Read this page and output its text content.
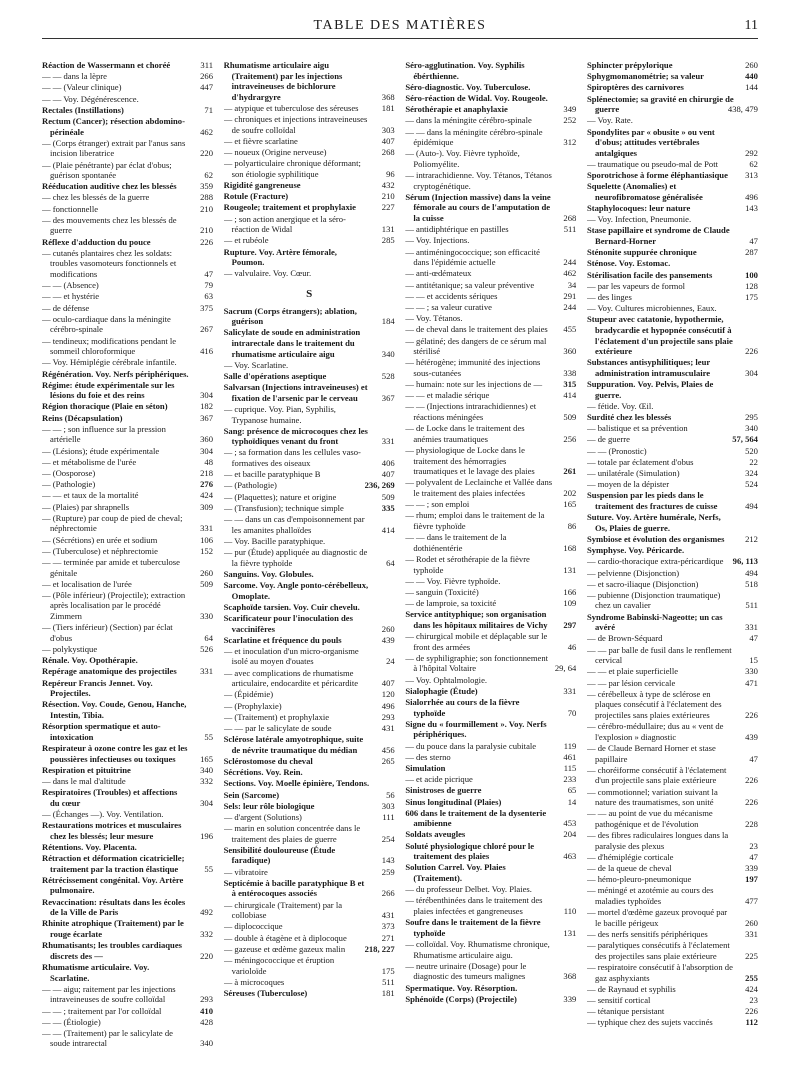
TABLE DES MATIÈRES	11
Réaction de Wassermann et choréé	311
— — dans la lèpre	266
— — (Valeur clinique)	447
— — Voy. Dégénérescence.
Rectales (Instillations)	71
Rectum (Cancer); résection abdomino-périnéale	462
— (Corps étranger) extrait par l'anus sans incision liberatrice	220
— (Plaie pénétrante) par éclat d'obus; guérison spontanée	62
Rééducation auditive chez les blessés	359
— chez les blessés de la guerre	288
— fonctionnelle	210
— des mouvements chez les blessés de guerre	210
Réflexe d'adduction du pouce	226
— cutanés plantaires chez les soldats: troubles vasomoteurs fonctionnels et modifications	47
— — (Absence)	79
— — et hystérie	63
— de défense	375
— oculo-cardiaque dans la méningite cérébro-spinale	267
— tendineux; modifications pendant le sommeil chloroformique	416
— Voy. Hémiplégie cérébrale infantile.
Régénération. Voy. Nerfs périphériques.
Régime: étude expérimentale sur les lésions du foie et des reins	304
Région thoracique (Plaie en séton)	182
Reins (Décapsulation)	367
— — ; son influence sur la pression artérielle	360
— (Lésions); étude expérimentale	304
— et métabolisme de l'urée	48
— (Oosporose)	218
— (Pathologie)	276
— — et taux de la mortalité	424
— (Plaies) par shrapnells	309
— (Rupture) par coup de pied de cheval; néphrectomie	331
— (Sécrétions) en urée et sodium	106
— (Tuberculose) et néphrectomie	152
— — terminée par amide et tuberculose génitale	260
— et localisation de l'urée	509
— (Pôle inférieur) (Projectile); extraction après localisation par le procédé Zimmern	330
— (Tiers inférieur) (Section) par éclat d'obus	64
— polykystique	526
Rénale. Voy. Opothérapie.
Repérage anatomique des projectiles	331
Repéreur Francis Jennet. Voy. Projectiles.
Résection. Voy. Coude, Genou, Hanche, Intestin, Tibia.
Résorption spermatique et auto-intoxication	55
Respirateur à ozone contre les gaz et les poussières infectieuses ou toxiques	165
Respiration et pituitrine	340
— dans le mal d'altitude	332
Respiratoires (Troubles) et affections du cœur	304
— (Échanges —). Voy. Ventilation.
Restaurations motrices et musculaires chez les blessés; leur mesure	196
Rétentions. Voy. Placenta.
Rétraction et déformation cicatricielle; traitement par la traction élastique	55
Rétrécissement congénital. Voy. Artère pulmonaire.
Revaccination: résultats dans les écoles de la Ville de Paris	492
Rhinite atrophique (Traitement) par le rouge écarlate	332
Rhumatisants; les troubles cardiaques discrets des —	220
Rhumatisme articulaire. Voy. Scarlatine.
— — aigu; raitement par les injections intraveineuses de soufre colloïdal	293
— — ; traitement par l'or colloïdal	410
— — (Étiologie)	428
— — (Traitement) par le salicylate de soude intrarectal	340
Rhumatisme articulaire aigu (Traitement) par les injections intraveineuses de bichlorure d'hydrargyre	368
— atypique et tuberculose des séreuses	181
— chroniques et injections intraveineuses de soufre colloïdal	303
— et fièvre scarlatine	407
— noueux (Origine nerveuse)	268
— polyarticulaire chronique déformant; son étiologie syphilitique	96
Rigidité gangreneuse	432
Rotule (Fracture)	210
Rougeole; traitement et prophylaxie	227
— ; son action anergique et la séro-réaction de Widal	131
— et rubéole	285
Rupture. Voy. Artère fémorale, Poumon.
— valvulaire. Voy. Cœur.
S
Sacrum (Corps étrangers); ablation, guérison	184
Salicylate de soude en administration intrarectale dans le traitement du rhumatisme articulaire aigu	340
— Voy. Scarlatine.
Salle d'opérations aseptique	528
Salvarsan (Injections intraveineuses) et fixation de l'arsenic par le cerveau	367
— cuprique. Voy. Pian, Syphilis, Trypanose humaine.
Sang: présence de microcoques chez les typhoïdiques venant du front	331
— ; sa formation dans les cellules vaso-formatives des oiseaux	406
— et bacille paratyphique B	407
— (Pathologie)	236, 269
— (Plaquettes); nature et origine	509
— (Transfusion); technique simple	335
— — dans un cas d'empoisonnement par les amanites phalloïdes	414
— Voy. Bacille paratyphique.
— pur (Étude) appliquée au diagnostic de la fièvre typhoïde	64
Sanguins. Voy. Globules.
Sarcome. Voy. Angle ponto-cérébelleux, Omoplate.
Scaphoïde tarsien. Voy. Cuir chevelu.
Scarificateur pour l'inoculation des vaccinifères	260
Scarlatine et fréquence du pouls	439
— et inoculation d'un micro-organisme isolé au moyen d'ouates	24
— avec complications de rhumatisme articulaire, endocardite et péricardite	407
— (Épidémie)	120
— (Prophylaxie)	496
— (Traitement) et prophylaxie	293
— — par le salicylate de soude	431
Sclérose latérale amyotrophique, suite de névrite traumatique du médian	456
Sclérostomose du cheval	265
Sécrétions. Voy. Rein.
Sections. Voy. Moelle épinière, Tendons.
Sein (Sarcome)	56
Sels: leur rôle biologique	303
— d'argent (Solutions)	111
— marin en solution concentrée dans le traitement des plaies de guerre	254
Sensibilité douloureuse (Étude faradique)	143
— vibratoire	259
Septicémie à bacille paratyphique B et à entérocoques associés	266
— chirurgicale (Traitement) par la collobiase	431
— diplococcique	373
— double à étagène et à diplocoque	271
— gazeuse et œdème gazeux malin 218, 227
— méningococcique et éruption varioloïde	175
— à microcoques	511
Séreuses (Tuberculose)	181
Séro-agglutination. Voy. Syphilis ébérthienne.
Séro-diagnostic. Voy. Tuberculose.
Séro-réaction de Widal. Voy. Rougeole.
Sérothérapie et anaphylaxie	349
— dans la méningite cérébro-spinale	252
— — dans la méningite cérébro-spinale épidémique	312
— (Auto-). Voy. Fièvre typhoïde, Poliomyélite.
— intrarachidienne. Voy. Tétanos, Tétanos cryptogénétique.
Sérum (Injection massive) dans la veine fémorale au cours de l'amputation de la cuisse	268
— antidiphtérique en pastilles	511
— Voy. Injections.
— antiméningococcique; son efficacité dans l'épidémie actuelle	244
— anti-œdémateux	462
— antitétanique; sa valeur préventive	34
— — et accidents sériques	291
— — ; sa valeur curative	244
— Voy. Tétanos.
— de cheval dans le traitement des plaies 455
— gélatiné; des dangers de ce sérum mal stérilisé	360
— hétérogène; immunité des injections sous-cutanées	338
— humain: note sur les injections de — 315
— — et maladie sérique	414
— — (Injections intrarachidiennes) et réactions méningées	509
— de Locke dans le traitement des anémies traumatiques	256
— physiologique de Locke dans le traitement des hémorragies traumatiques et le lavage des plaies	261
— polyvalent de Leclainche et Vallée dans le traitement des plaies infectées	202
— — ; son emploi	165
— rhum; emploi dans le traitement de la fièvre typhoïde	86
— — dans le traitement de la dothiénentérie	168
— Rodet et sérothérapie de la fièvre typhoïde	131
— — Voy. Fièvre typhoïde.
— sanguin (Toxicité)	166
— de lamproie, sa toxicité	109
Service antityphique; son organisation dans les hôpitaux militaires de Vichy 297
— chirurgical mobile et déplaçable sur le front des armées	46
— de syphiligraphie; son fonctionnement à l'hôpital Voltaire	29, 64
— Voy. Ophtalmologie.
Sialophagie (Étude)	331
Sialorrhée au cours de la fièvre typhoïde	70
Signe du « fourmillement ». Voy. Nerfs périphériques.
— du pouce dans la paralysie cubitale	119
— des sterno	461
Simulation	115
— et acide picrique	233
Sinistroses de guerre	65
Sinus longitudinal (Plaies)	14
606 dans le traitement de la dysenterie amibienne	453
Soldats aveugles	204
Soluté physiologique chloré pour le traitement des plaies	463
Solution Carrel. Voy. Plaies (Traitement).
— du professeur Delbet. Voy. Plaies.
— térébenthinées dans le traitement des plaies infectées et gangreneuses	110
Soufre dans le traitement de la fièvre typhoïde	131
— colloïdal. Voy. Rhumatisme chronique, Rhumatisme articulaire aigu.
— neutre urinaire (Dosage) pour le diagnostic des tumeurs malignes	368
Spermatique. Voy. Résorption.
Sphénoïde (Corps) (Projectile)	339
Sphincter prépylorique	260
Sphygmomanométrie; sa valeur	440
Spiroptères des carnivores	144
Splénectomie; sa gravité en chirurgie de guerre	438, 479
— Voy. Rate.
Spondylites par « obusite » ou vent d'obus; attitudes vertébrales antalgiques	292
— traumatique ou pseudo-mal de Pott	62
Sporotrichose à forme éléphantiasique 313
Squelette (Anomalies) et neurofibromatose généralisée	496
Staphylocoques: leur nature	143
— Voy. Infection, Pneumonie.
Stase papillaire et syndrome de Claude Bernard-Horner	47
Sténonite suppurée chronique	287
Sténose. Voy. Estomac.
Stérilisation facile des pansements	100
— par les vapeurs de formol	128
— des linges	175
— Voy. Cultures microbiennes, Eaux.
Stupeur avec catatonie, hypothermie, bradycardie et hypopnée consécutif à l'éclatement d'un projectile sans plaie extérieure	226
Substances antisyphilitiques; leur administration intramusculaire	304
Suppuration. Voy. Pelvis, Plaies de guerre.
— fétide. Voy. Œil.
Surdité chez les blessés	295
— balistique et sa prévention	340
— de guerre	57, 564
— — (Pronostic)	520
— totale par éclatement d'obus	22
— unilatérale (Simulation)	324
— moyen de la dépister	524
Suspension par les pieds dans le traitement des fractures de cuisse	494
Suture. Voy. Artère humérale, Nerfs, Os, Plaies de guerre.
Symbiose et évolution des organismes 212
Symphyse. Voy. Péricarde.
— cardio-thoracique extra-péricardique 96, 113
— pelvienne (Disjonction)	494
— et sacro-iliaque (Disjonction)	518
— pubienne (Disjonction traumatique) chez un cavalier	511
Syndrome Babinski-Nageotte; un cas avéré	331
— de Brown-Séquard	47
— — par balle de fusil dans le renflement cervical	15
— — et plaie superficielle	330
— — par lésion cervicale	471
— cérébelleux à type de sclérose en plaques consécutif à l'éclatement des projectiles sans plaies extérieures	226
— cérébro-médullaire; dus au « vent de l'explosion » diagnostic	439
— de Claude Bernard Horner et stase papillaire	47
— choréiforme consécutif à l'éclatement d'un projectile sans plaie extérieure	226
— commotionnel; variation suivant la nature des traumatismes, son unité	226
— — au point de vue du mécanisme pathogénique et de l'évolution	228
— des fibres radiculaires longues dans la paralysie des plexus	23
— d'hémiplégie corticale	47
— de la queue de cheval	339
— hémo-pleuro-pneumonique	197
— méningé et azotémie au cours des maladies typhoïdes	477
— mortel d'œdème gazeux provoqué par le bacille périgeux	260
— des nerfs sensitifs périphériques	331
— paralytiques consécutifs à l'éclatement des projectiles sans plaie extérieure	225
— respiratoire consécutif à l'absorption de gaz asphyxiants	255
— de Raynaud et syphilis	424
— sensitif cortical	23
— tétanique persistant	226
— typhique chez des sujets vaccinés	112
